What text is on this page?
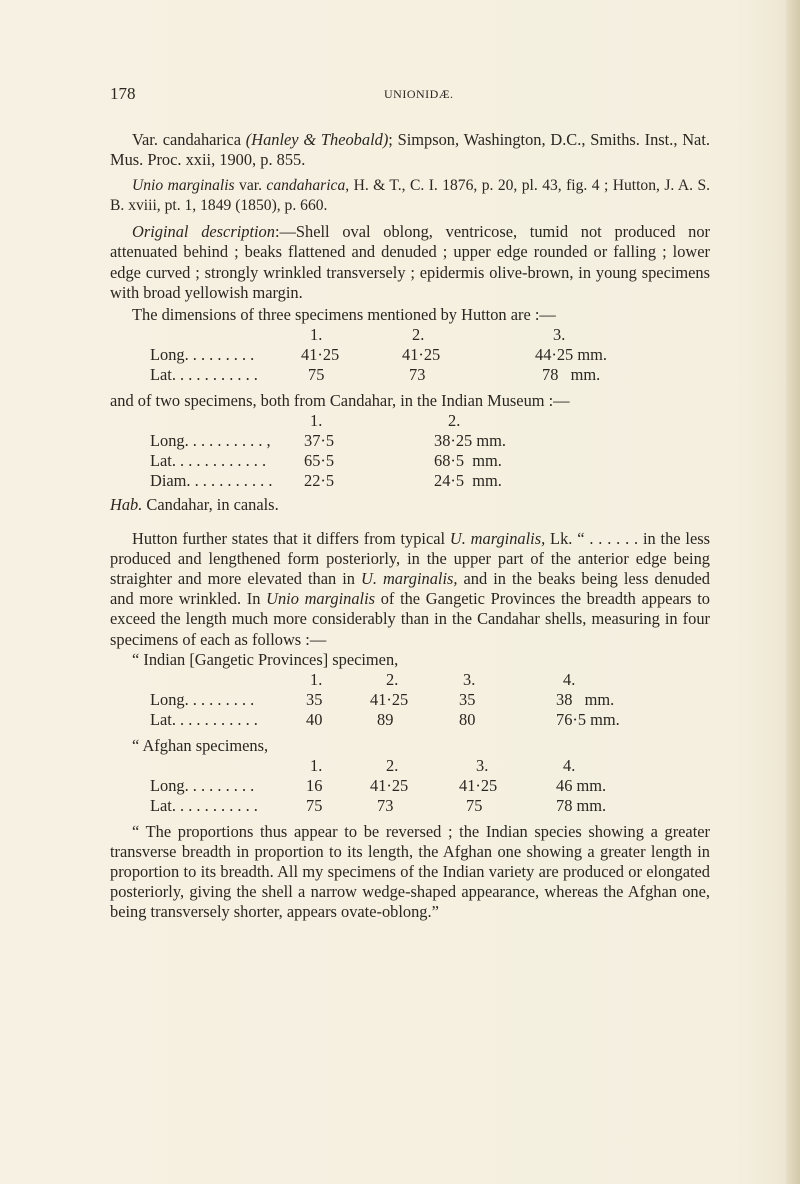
178	UNIONIDÆ.

Var. candaharica (Hanley & Theobald); Simpson, Washington, D.C., Smiths. Inst., Nat. Mus. Proc. xxii, 1900, p. 855.

Unio marginalis var. candaharica, H. & T., C. I. 1876, p. 20, pl. 43, fig. 4 ; Hutton, J. A. S. B. xviii, pt. 1, 1849 (1850), p. 660.

Original description:—Shell oval oblong, ventricose, tumid not produced nor attenuated behind ; beaks flattened and denuded ; upper edge rounded or falling ; lower edge curved ; strongly wrinkled transversely ; epidermis olive-brown, in young specimens with broad yellowish margin.

The dimensions of three specimens mentioned by Hutton are :—

1.	2.	3.
Long. . . . . . . . .	41·25	41·25	44·25 mm.
Lat. . . . . . . . . . .	75	73	78   mm.

and of two specimens, both from Candahar, in the Indian Museum :—

1.	2.
Long. . . . . . . . . . , 37·5	38·25 mm.
Lat. . . . . . . . . . . . 65·5	68·5  mm.
Diam. . . . . . . . . . . 22·5	24·5  mm.

Hab. Candahar, in canals.

Hutton further states that it differs from typical U. marginalis, Lk. “ . . . . . . in the less produced and lengthened form posteriorly, in the upper part of the anterior edge being straighter and more elevated than in U. marginalis, and in the beaks being less denuded and more wrinkled. In Unio marginalis of the Gangetic Provinces the breadth appears to exceed the length much more considerably than in the Candahar shells, measuring in four specimens of each as follows :—

“ Indian [Gangetic Provinces] specimen,

1.	2.	3.	4.
Long. . . . . . . . .	35	41·25	35	38   mm.
Lat. . . . . . . . . . .	40	89	80	76·5 mm.

“ Afghan specimens,

1.	2.	3.	4.
Long. . . . . . . . .	16	41·25	41·25	46 mm.
Lat. . . . . . . . . . .	75	73	75	78 mm.

“ The proportions thus appear to be reversed ; the Indian species showing a greater transverse breadth in proportion to its length, the Afghan one showing a greater length in proportion to its breadth. All my specimens of the Indian variety are produced or elongated posteriorly, giving the shell a narrow wedge-shaped appearance, whereas the Afghan one, being transversely shorter, appears ovate-oblong.”
